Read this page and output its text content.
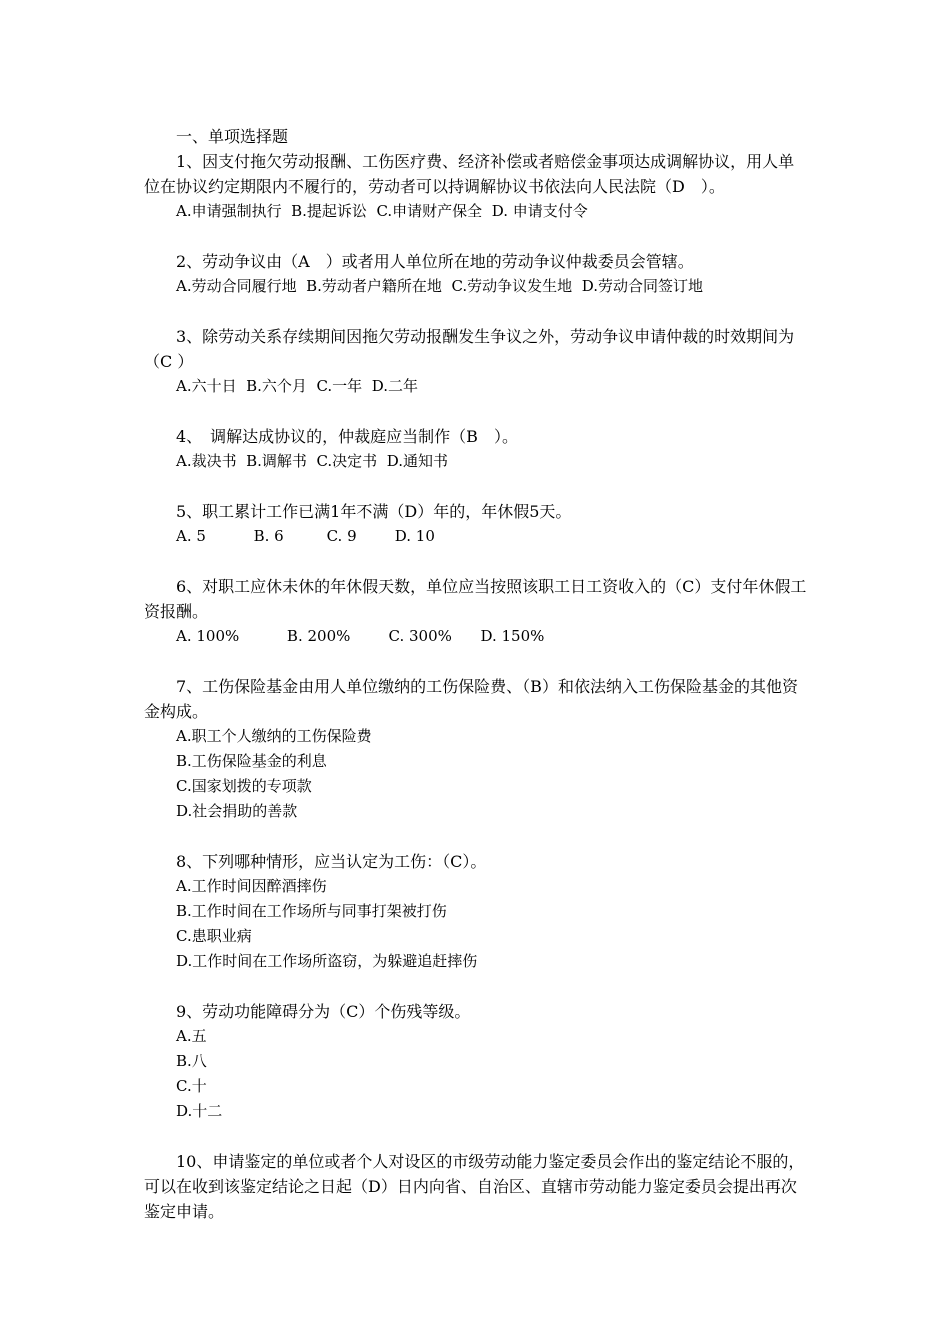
一、单项选择题

1、因支付拖欠劳动报酬、工伤医疗费、经济补偿或者赔偿金事项达成调解协议，用人单位在协议约定期限内不履行的，劳动者可以持调解协议书依法向人民法院（D　）。

A.申请强制执行  B.提起诉讼  C.申请财产保全  D. 申请支付令

2、劳动争议由（A　）或者用人单位所在地的劳动争议仲裁委员会管辖。

A.劳动合同履行地  B.劳动者户籍所在地  C.劳动争议发生地  D.劳动合同签订地

3、除劳动关系存续期间因拖欠劳动报酬发生争议之外，劳动争议申请仲裁的时效期间为（C ）

A.六十日  B.六个月  C.一年  D.二年

4、　调解达成协议的，仲裁庭应当制作（B　）。

A.裁决书  B.调解书  C.决定书  D.通知书

5、职工累计工作已满1年不满（D）年的，年休假5天。

A. 5          B. 6         C. 9        D. 10

6、对职工应休未休的年休假天数，单位应当按照该职工日工资收入的（C）支付年休假工资报酬。

A. 100%          B. 200%        C. 300%      D. 150%

7、工伤保险基金由用人单位缴纳的工伤保险费、（B）和依法纳入工伤保险基金的其他资金构成。

A.职工个人缴纳的工伤保险费
B.工伤保险基金的利息
C.国家划拨的专项款
D.社会捐助的善款

8、下列哪种情形，应当认定为工伤：（C）。

A.工作时间因醉酒摔伤
B.工作时间在工作场所与同事打架被打伤
C.患职业病
D.工作时间在工作场所盗窃，为躲避追赶摔伤

9、劳动功能障碍分为（C）个伤残等级。

A.五
B.八
C.十
D.十二

10、申请鉴定的单位或者个人对设区的市级劳动能力鉴定委员会作出的鉴定结论不服的，可以在收到该鉴定结论之日起（D）日内向省、自治区、直辖市劳动能力鉴定委员会提出再次鉴定申请。
